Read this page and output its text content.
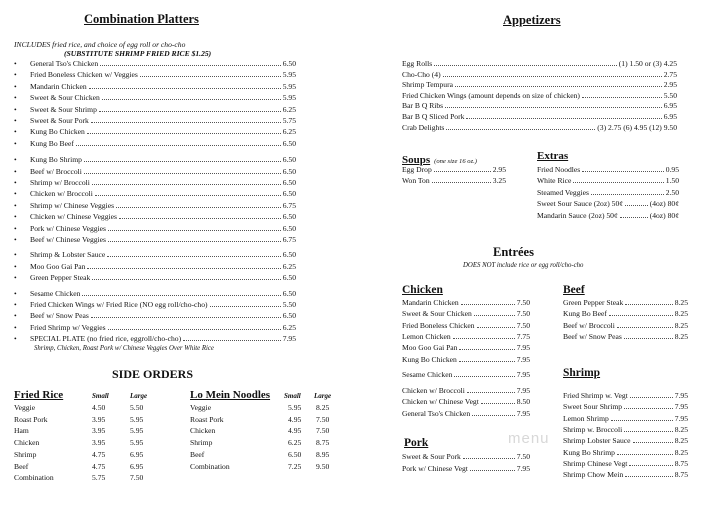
Combination Platters
INCLUDES fried rice, and choice of egg roll or cho-cho
(SUBSTITUTE SHRIMP FRIED RICE $1.25)
•	General Tso's Chicken	6.50
•	Fried Boneless Chicken w/ Veggies	5.95
•	Mandarin Chicken	5.95
•	Sweet & Sour Chicken	5.95
•	Sweet & Sour Shrimp	6.25
•	Sweet & Sour Pork	5.75
•	Kung Bo Chicken	6.25
•	Kung Bo Beef	6.50
•	Kung Bo Shrimp	6.50
•	Beef w/ Broccoli	6.50
•	Shrimp w/ Broccoli	6.50
•	Chicken w/ Broccoli	6.50
•	Shrimp w/ Chinese Veggies	6.75
•	Chicken w/ Chinese Veggies	6.50
•	Pork w/ Chinese Veggies	6.50
•	Beef w/ Chinese Veggies	6.75
•	Shrimp & Lobster Sauce	6.50
•	Moo Goo Gai Pan	6.25
•	Green Pepper Steak	6.50
•	Sesame Chicken	6.50
•	Fried Chicken Wings w/ Fried Rice (NO egg roll/cho-cho)	5.50
•	Beef w/ Snow Peas	6.50
•	Fried Shrimp w/ Veggies	6.25
•	SPECIAL PLATE (no fried rice, eggroll/cho-cho)	7.95
Shrimp, Chicken, Roast Pork w/ Chinese Veggies Over White Rice
SIDE ORDERS
Fried Rice	Small	Large
Veggie	4.50	5.50
Roast Pork	3.95	5.95
Ham	3.95	5.95
Chicken	3.95	5.95
Shrimp	4.75	6.95
Beef	4.75	6.95
Combination	5.75	7.50
Lo Mein Noodles Small Large
Veggie	5.95 8.25
Roast Pork	4.95 7.50
Chicken	4.95 7.50
Shrimp	6.25 8.75
Beef	6.50 8.95
Combination	7.25 9.50
Appetizers
Egg Rolls	(1) 1.50 or (3) 4.25
Cho-Cho (4)	2.75
Shrimp Tempura	2.95
Fried Chicken Wings (amount depends on size of chicken)	5.50
Bar B Q Ribs	6.95
Bar B Q Sliced Pork	6.95
Crab Delights	(3) 2.75 (6) 4.95 (12) 9.50
Soups (one size 16 oz.)
Egg Drop	2.95
Won Ton	3.25
Extras
Fried Noodles	0.95
White Rice	1.50
Steamed Veggies	2.50
Sweet Sour Sauce (2oz) 50¢	(4oz) 80¢
Mandarin Sauce (2oz) 50¢	(4oz) 80¢
Entrées
DOES NOT include rice or egg roll/cho-cho
Chicken
Mandarin Chicken	7.50
Sweet & Sour Chicken	7.50
Fried Boneless Chicken	7.50
Lemon Chicken	7.75
Moo Goo Gai Pan	7.95
Kung Bo Chicken	7.95
Sesame Chicken	7.95
Chicken w/ Broccoli	7.95
Chicken w/ Chinese Vegt	8.50
General Tso's Chicken	7.95
Pork
Sweet & Sour Pork	7.50
Pork w/ Chinese Vegt	7.95
Beef
Green Pepper Steak	8.25
Kung Bo Beef	8.25
Beef w/ Broccoli	8.25
Beef w/ Snow Peas	8.25
Shrimp
Fried Shrimp w. Vegt	7.95
Sweet Sour Shrimp	7.95
Lemon Shrimp	7.95
Shrimp w. Broccoli	8.25
Shrimp Lobster Sauce	8.25
Kung Bo Shrimp	8.25
Shrimp Chinese Vegt	8.75
Shrimp Chow Mein	8.75
menu
